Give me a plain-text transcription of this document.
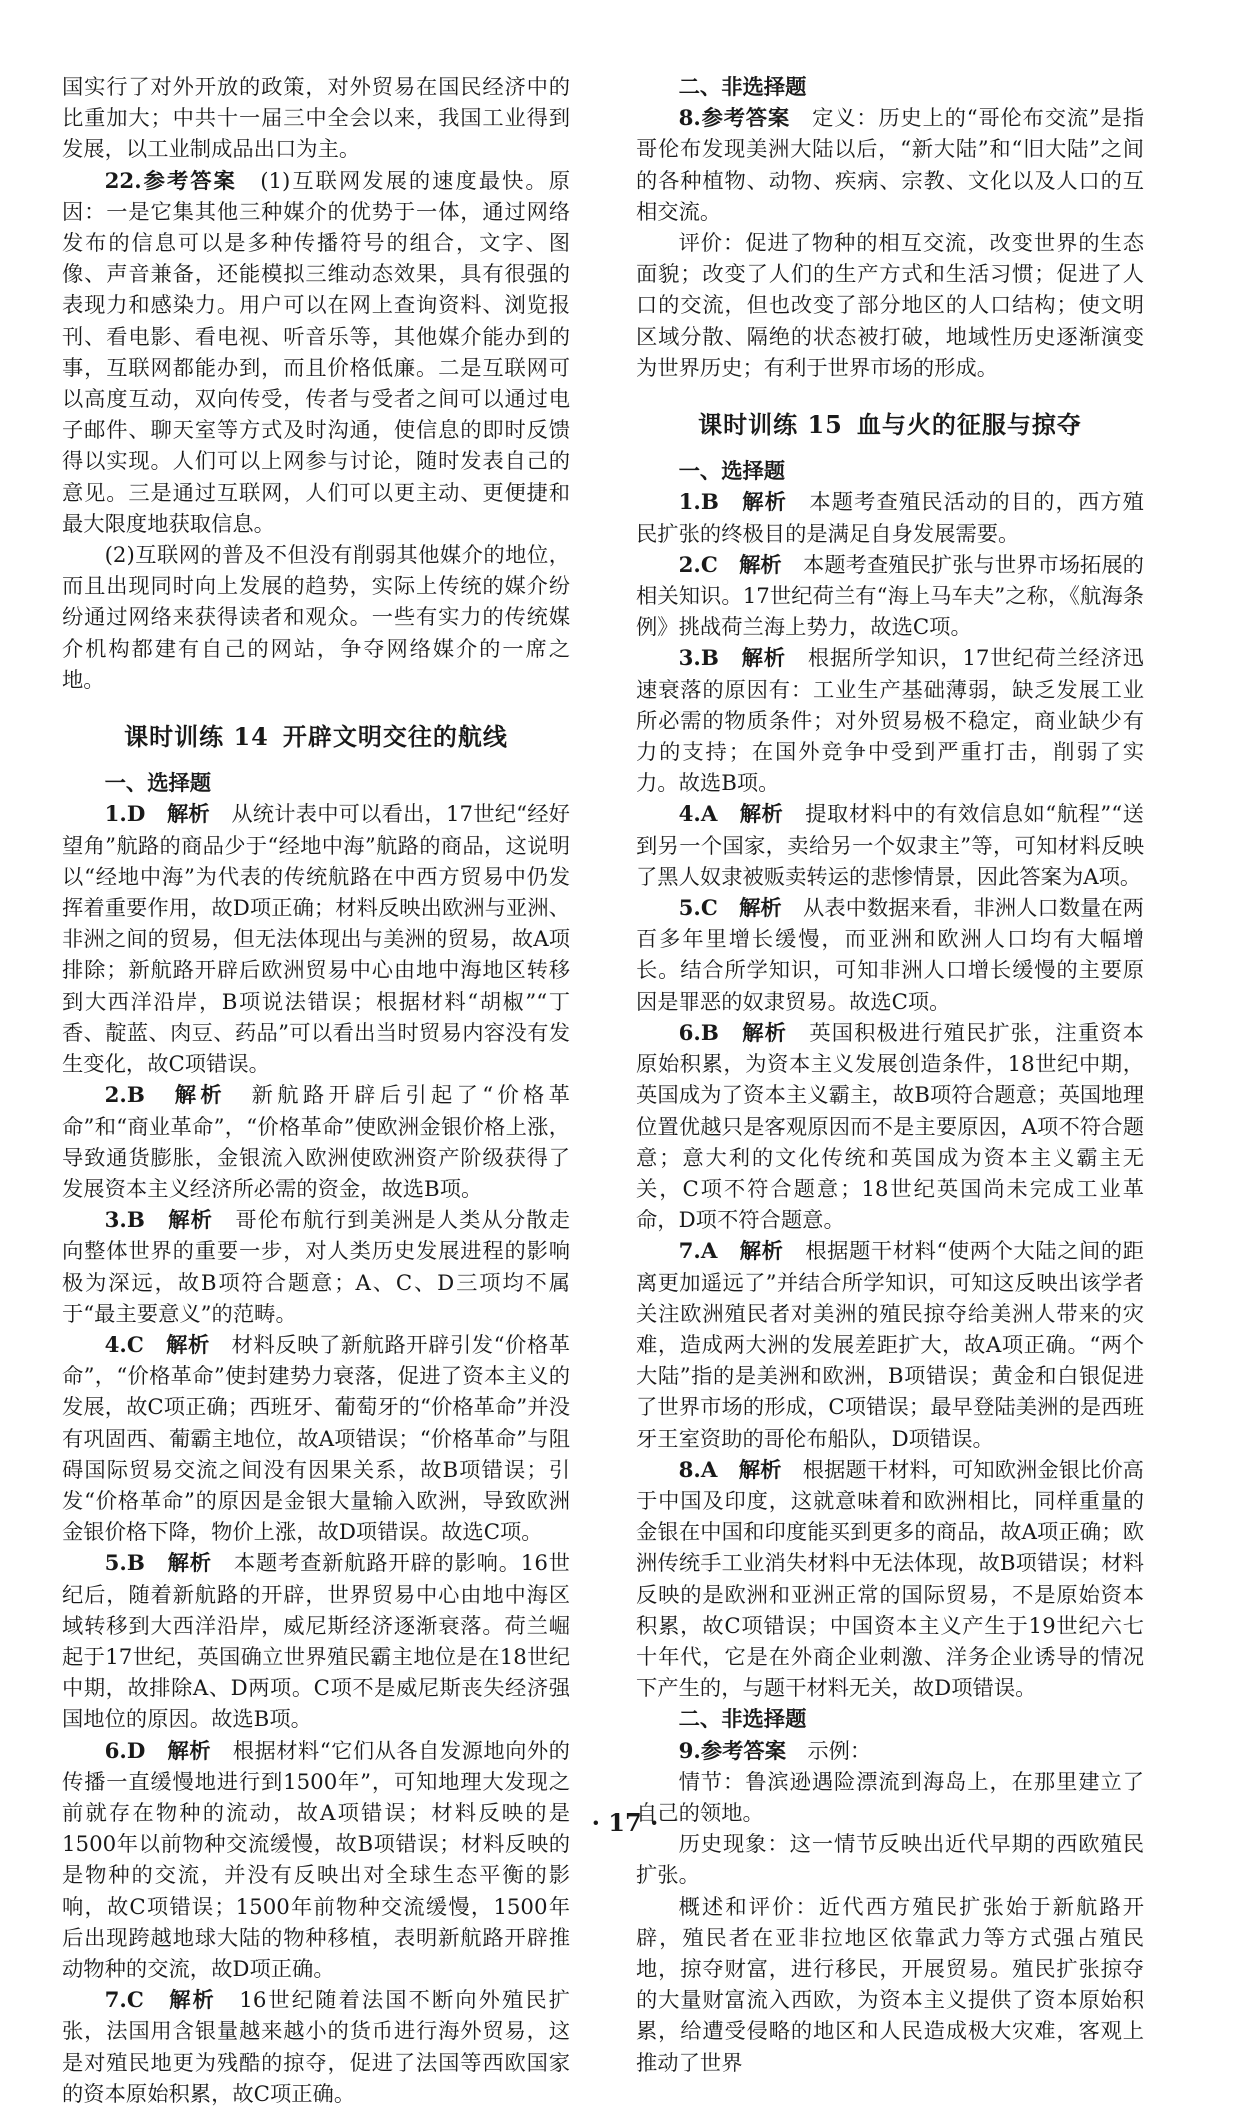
国实行了对外开放的政策，对外贸易在国民经济中的比重加大；中共十一届三中全会以来，我国工业得到发展，以工业制成品出口为主。

22.参考答案　 (1)互联网发展的速度最快。原因：一是它集其他三种媒介的优势于一体，通过网络发布的信息可以是多种传播符号的组合，文字、图像、声音兼备，还能模拟三维动态效果，具有很强的表现力和感染力。用户可以在网上查询资料、浏览报刊、看电影、看电视、听音乐等，其他媒介能办到的事，互联网都能办到，而且价格低廉。二是互联网可以高度互动，双向传受，传者与受者之间可以通过电子邮件、聊天室等方式及时沟通，使信息的即时反馈得以实现。人们可以上网参与讨论，随时发表自己的意见。三是通过互联网，人们可以更主动、更便捷和最大限度地获取信息。

(2)互联网的普及不但没有削弱其他媒介的地位，而且出现同时向上发展的趋势，实际上传统的媒介纷纷通过网络来获得读者和观众。一些有实力的传统媒介机构都建有自己的网站，争夺网络媒介的一席之地。

课时训练 14 开辟文明交往的航线

一、选择题

1.D　 解析　 从统计表中可以看出，17世纪“经好望角”航路的商品少于“经地中海”航路的商品，这说明以“经地中海”为代表的传统航路在中西方贸易中仍发挥着重要作用，故D项正确；材料反映出欧洲与亚洲、非洲之间的贸易，但无法体现出与美洲的贸易，故A项排除；新航路开辟后欧洲贸易中心由地中海地区转移到大西洋沿岸，B项说法错误；根据材料“胡椒”“丁香、靛蓝、肉豆、药品”可以看出当时贸易内容没有发生变化，故C项错误。

2.B　 解析　 新航路开辟后引起了“价格革命”和“商业革命”，“价格革命”使欧洲金银价格上涨，导致通货膨胀，金银流入欧洲使欧洲资产阶级获得了发展资本主义经济所必需的资金，故选B项。

3.B　 解析　 哥伦布航行到美洲是人类从分散走向整体世界的重要一步，对人类历史发展进程的影响极为深远，故B项符合题意；A、C、D三项均不属于“最主要意义”的范畴。

4.C　 解析　 材料反映了新航路开辟引发“价格革命”，“价格革命”使封建势力衰落，促进了资本主义的发展，故C项正确；西班牙、葡萄牙的“价格革命”并没有巩固西、葡霸主地位，故A项错误；“价格革命”与阻碍国际贸易交流之间没有因果关系，故B项错误；引发“价格革命”的原因是金银大量输入欧洲，导致欧洲金银价格下降，物价上涨，故D项错误。故选C项。

5.B　 解析　 本题考查新航路开辟的影响。16世纪后，随着新航路的开辟，世界贸易中心由地中海区域转移到大西洋沿岸，威尼斯经济逐渐衰落。荷兰崛起于17世纪，英国确立世界殖民霸主地位是在18世纪中期，故排除A、D两项。C项不是威尼斯丧失经济强国地位的原因。故选B项。

6.D　 解析　 根据材料“它们从各自发源地向外的传播一直缓慢地进行到1500年”，可知地理大发现之前就存在物种的流动，故A项错误；材料反映的是1500年以前物种交流缓慢，故B项错误；材料反映的是物种的交流，并没有反映出对全球生态平衡的影响，故C项错误；1500年前物种交流缓慢，1500年后出现跨越地球大陆的物种移植，表明新航路开辟推动物种的交流，故D项正确。

7.C　 解析　 16世纪随着法国不断向外殖民扩张，法国用含银量越来越小的货币进行海外贸易，这是对殖民地更为残酷的掠夺，促进了法国等西欧国家的资本原始积累，故C项正确。

二、非选择题

8.参考答案　 定义：历史上的“哥伦布交流”是指哥伦布发现美洲大陆以后，“新大陆”和“旧大陆”之间的各种植物、动物、疾病、宗教、文化以及人口的互相交流。

评价：促进了物种的相互交流，改变世界的生态面貌；改变了人们的生产方式和生活习惯；促进了人口的交流，但也改变了部分地区的人口结构；使文明区域分散、隔绝的状态被打破，地域性历史逐渐演变为世界历史；有利于世界市场的形成。

课时训练 15 血与火的征服与掠夺

一、选择题

1.B　 解析　 本题考查殖民活动的目的，西方殖民扩张的终极目的是满足自身发展需要。

2.C　 解析　 本题考查殖民扩张与世界市场拓展的相关知识。17世纪荷兰有“海上马车夫”之称，《航海条例》挑战荷兰海上势力，故选C项。

3.B　 解析　 根据所学知识，17世纪荷兰经济迅速衰落的原因有：工业生产基础薄弱，缺乏发展工业所必需的物质条件；对外贸易极不稳定，商业缺少有力的支持；在国外竞争中受到严重打击，削弱了实力。故选B项。

4.A　 解析　 提取材料中的有效信息如“航程”“送到另一个国家，卖给另一个奴隶主”等，可知材料反映了黑人奴隶被贩卖转运的悲惨情景，因此答案为A项。

5.C　 解析　 从表中数据来看，非洲人口数量在两百多年里增长缓慢，而亚洲和欧洲人口均有大幅增长。结合所学知识，可知非洲人口增长缓慢的主要原因是罪恶的奴隶贸易。故选C项。

6.B　 解析　 英国积极进行殖民扩张，注重资本原始积累，为资本主义发展创造条件，18世纪中期，英国成为了资本主义霸主，故B项符合题意；英国地理位置优越只是客观原因而不是主要原因，A项不符合题意；意大利的文化传统和英国成为资本主义霸主无关，C项不符合题意；18世纪英国尚未完成工业革命，D项不符合题意。

7.A　 解析　 根据题干材料“使两个大陆之间的距离更加遥远了”并结合所学知识，可知这反映出该学者关注欧洲殖民者对美洲的殖民掠夺给美洲人带来的灾难，造成两大洲的发展差距扩大，故A项正确。“两个大陆”指的是美洲和欧洲，B项错误；黄金和白银促进了世界市场的形成，C项错误；最早登陆美洲的是西班牙王室资助的哥伦布船队，D项错误。

8.A　 解析　 根据题干材料，可知欧洲金银比价高于中国及印度，这就意味着和欧洲相比，同样重量的金银在中国和印度能买到更多的商品，故A项正确；欧洲传统手工业消失材料中无法体现，故B项错误；材料反映的是欧洲和亚洲正常的国际贸易，不是原始资本积累，故C项错误；中国资本主义产生于19世纪六七十年代，它是在外商企业刺激、洋务企业诱导的情况下产生的，与题干材料无关，故D项错误。

二、非选择题

9.参考答案　 示例：

情节：鲁滨逊遇险漂流到海岛上，在那里建立了自己的领地。

历史现象：这一情节反映出近代早期的西欧殖民扩张。

概述和评价：近代西方殖民扩张始于新航路开辟，殖民者在亚非拉地区依靠武力等方式强占殖民地，掠夺财富，进行移民，开展贸易。殖民扩张掠夺的大量财富流入西欧，为资本主义提供了资本原始积累，给遭受侵略的地区和人民造成极大灾难，客观上推动了世界

· 17 ·
